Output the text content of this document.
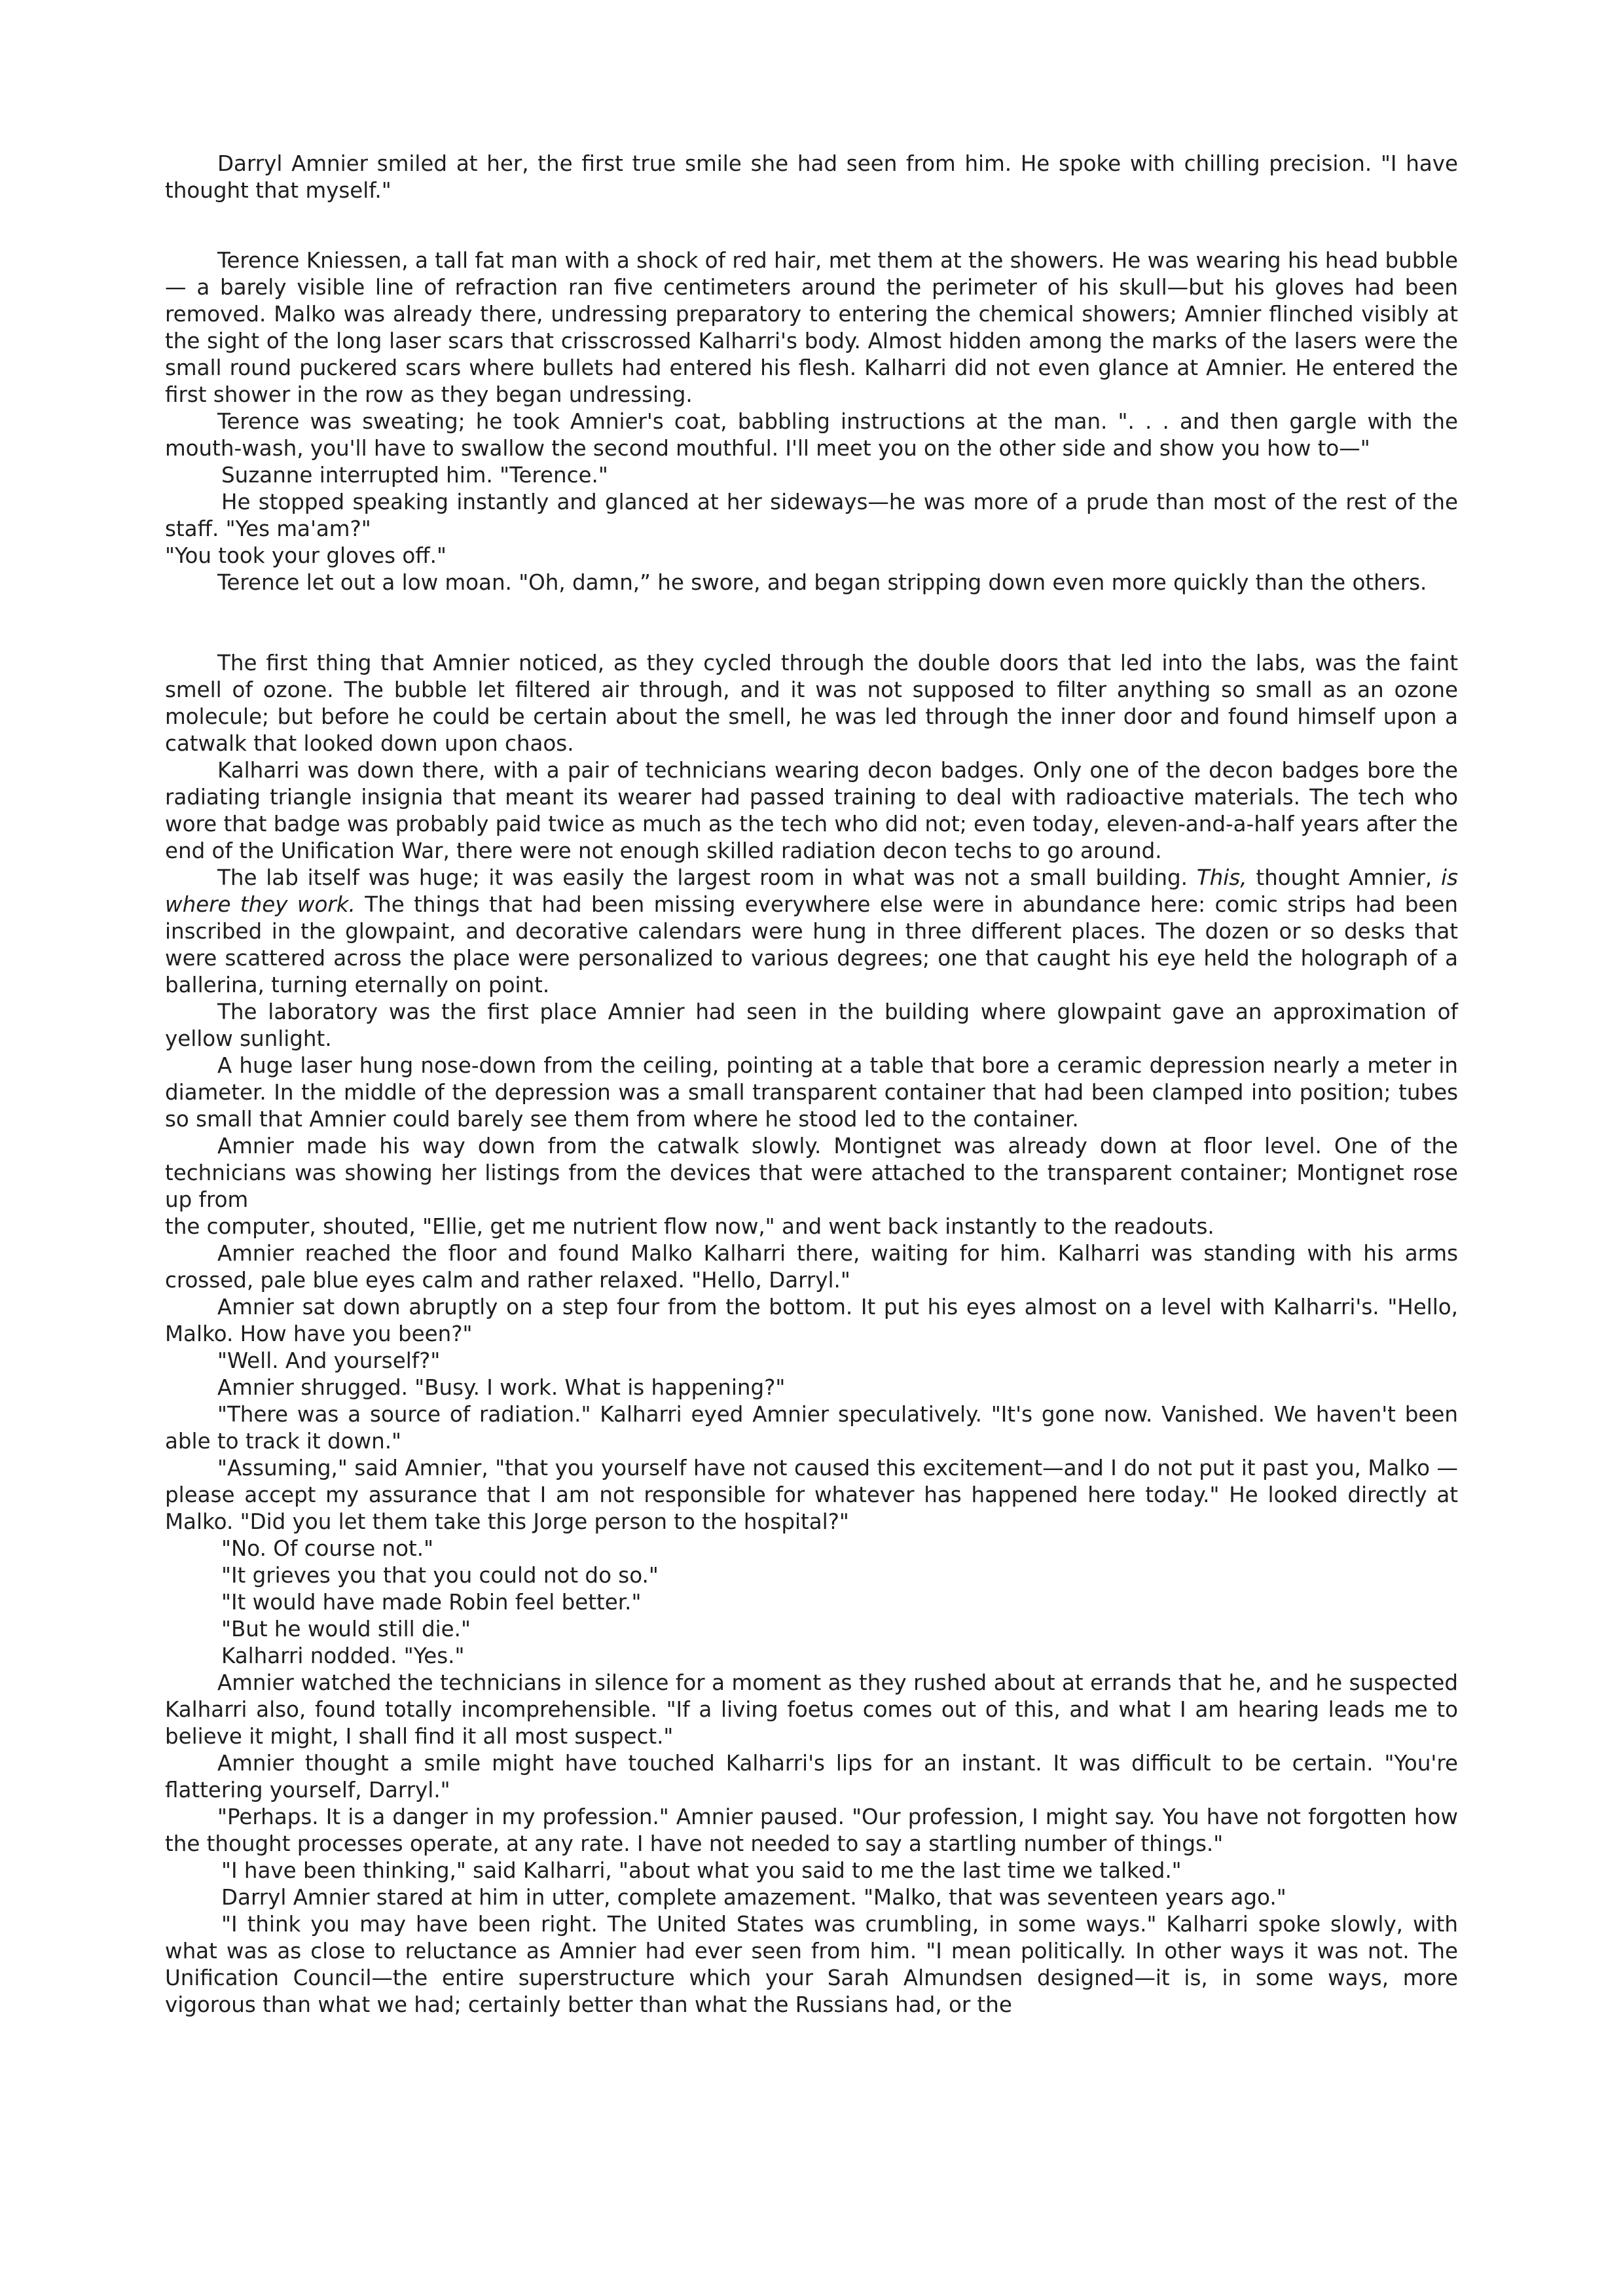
Darryl Amnier smiled at her, the first true smile she had seen from him. He spoke with chilling precision. "I have thought that myself."

Terence Kniessen, a tall fat man with a shock of red hair, met them at the showers. He was wearing his head bubble— a barely visible line of refraction ran five centimeters around the perimeter of his skull—but his gloves had been removed. Malko was already there, undressing preparatory to entering the chemical showers; Amnier flinched visibly at the sight of the long laser scars that crisscrossed Kalharri's body. Almost hidden among the marks of the lasers were the small round puckered scars where bullets had entered his flesh. Kalharri did not even glance at Amnier. He entered the first shower in the row as they began undressing.

Terence was sweating; he took Amnier's coat, babbling instructions at the man. ". . . and then gargle with the mouth-wash, you'll have to swallow the second mouthful. I'll meet you on the other side and show you how to—"

Suzanne interrupted him. "Terence."

He stopped speaking instantly and glanced at her sideways—he was more of a prude than most of the rest of the staff. "Yes ma'am?"

"You took your gloves off."

Terence let out a low moan. "Oh, damn,” he swore, and began stripping down even more quickly than the others.

The first thing that Amnier noticed, as they cycled through the double doors that led into the labs, was the faint smell of ozone. The bubble let filtered air through, and it was not supposed to filter anything so small as an ozone molecule; but before he could be certain about the smell, he was led through the inner door and found himself upon a catwalk that looked down upon chaos.

Kalharri was down there, with a pair of technicians wearing decon badges. Only one of the decon badges bore the radiating triangle insignia that meant its wearer had passed training to deal with radioactive materials. The tech who wore that badge was probably paid twice as much as the tech who did not; even today, eleven-and-a-half years after the end of the Unification War, there were not enough skilled radiation decon techs to go around.

The lab itself was huge; it was easily the largest room in what was not a small building. This, thought Amnier, is where they work. The things that had been missing everywhere else were in abundance here: comic strips had been inscribed in the glowpaint, and decorative calendars were hung in three different places. The dozen or so desks that were scattered across the place were personalized to various degrees; one that caught his eye held the holograph of a ballerina, turning eternally on point.

The laboratory was the first place Amnier had seen in the building where glowpaint gave an approximation of yellow sunlight.

A huge laser hung nose-down from the ceiling, pointing at a table that bore a ceramic depression nearly a meter in diameter. In the middle of the depression was a small transparent container that had been clamped into position; tubes so small that Amnier could barely see them from where he stood led to the container.

Amnier made his way down from the catwalk slowly. Montignet was already down at floor level. One of the technicians was showing her listings from the devices that were attached to the transparent container; Montignet rose up from

the computer, shouted, "Ellie, get me nutrient flow now," and went back instantly to the readouts.

Amnier reached the floor and found Malko Kalharri there, waiting for him. Kalharri was standing with his arms crossed, pale blue eyes calm and rather relaxed. "Hello, Darryl."

Amnier sat down abruptly on a step four from the bottom. It put his eyes almost on a level with Kalharri's. "Hello, Malko. How have you been?"

"Well. And yourself?"

Amnier shrugged. "Busy. I work. What is happening?"

"There was a source of radiation." Kalharri eyed Amnier speculatively. "It's gone now. Vanished. We haven't been able to track it down."

"Assuming," said Amnier, "that you yourself have not caused this excitement—and I do not put it past you, Malko —please accept my assurance that I am not responsible for whatever has happened here today." He looked directly at Malko. "Did you let them take this Jorge person to the hospital?"

"No. Of course not."

"It grieves you that you could not do so."

"It would have made Robin feel better."

"But he would still die."

Kalharri nodded. "Yes."

Amnier watched the technicians in silence for a moment as they rushed about at errands that he, and he suspected Kalharri also, found totally incomprehensible. "If a living foetus comes out of this, and what I am hearing leads me to believe it might, I shall find it all most suspect."

Amnier thought a smile might have touched Kalharri's lips for an instant. It was difficult to be certain. "You're flattering yourself, Darryl."

"Perhaps. It is a danger in my profession." Amnier paused. "Our profession, I might say. You have not forgotten how the thought processes operate, at any rate. I have not needed to say a startling number of things."

"I have been thinking," said Kalharri, "about what you said to me the last time we talked."

Darryl Amnier stared at him in utter, complete amazement. "Malko, that was seventeen years ago."

"I think you may have been right. The United States was crumbling, in some ways." Kalharri spoke slowly, with what was as close to reluctance as Amnier had ever seen from him. "I mean politically. In other ways it was not. The Unification Council—the entire superstructure which your Sarah Almundsen designed—it is, in some ways, more vigorous than what we had; certainly better than what the Russians had, or the
